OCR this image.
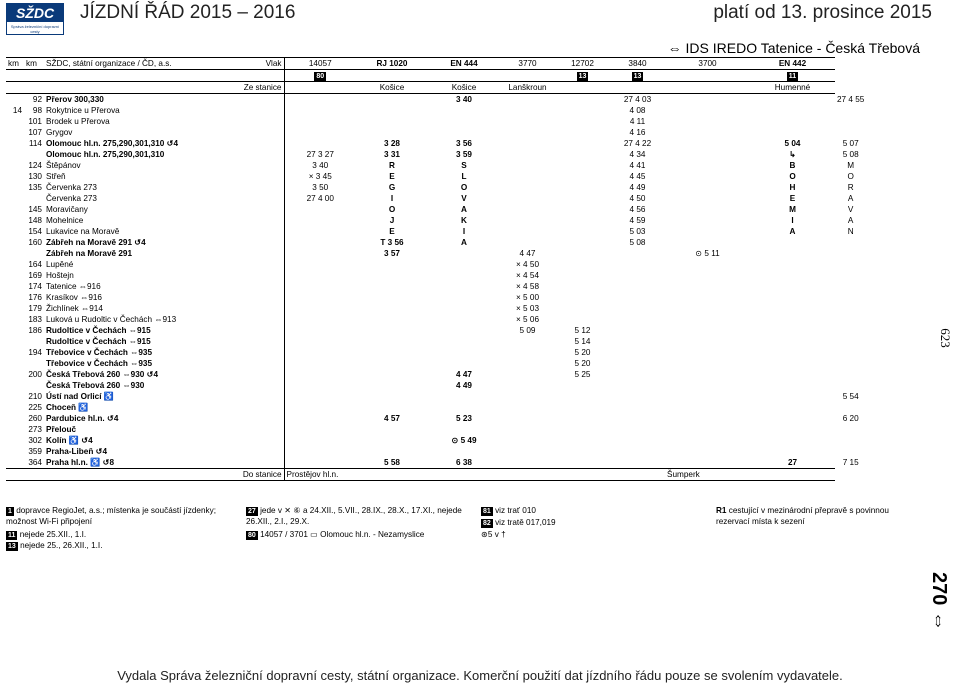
SŽDC
Správa železniční dopravní cesty
JÍZDNÍ ŘÁD 2015 – 2016	platí od 13. prosince 2015
⇔ IDS IREDO Tatenice - Česká Třebová
km	km	SŽDC, státní organizace / ČD, a.s.	Vlak	14057	RJ 1020	EN 444	3770	12702	3840	3700	EN 442	
				80				13	13		11	
		Ze stanice			Košice	Košice	Lanškroun				Humenné	
	92	Přerov 300,330				3 40			27 4 03			27 4 55
14	98	Rokytnice u Přerova							4 08			
	101	Brodek u Přerova							4 11			
	107	Grygov							4 16			
	114	Olomouc hl.n. 275,290,301,310 ↺4			3 28	3 56			27 4 22		5 04	5 07
		Olomouc hl.n. 275,290,301,310		27 3 27	3 31	3 59			4 34		↳	5 08
	124	Štěpánov		3 40	R	S			4 41		B	M
	130	Střeň		× 3 45	E	L			4 45		O	O
	135	Červenka 273		3 50	G	O			4 49		H	R
		Červenka 273		27 4 00	I	V			4 50		E	A
	145	Moravičany			O	A			4 56		M	V
	148	Mohelnice			J	K			4 59		I	A
	154	Lukavice na Moravě			E	I			5 03		A	N
	160	Zábřeh na Moravě 291 ↺4			T 3 56	A			5 08			
		Zábřeh na Moravě 291			3 57		4 47			⊙ 5 11		
	164	Lupěné					× 4 50					
	169	Hoštejn					× 4 54					
	174	Tatenice ⇔916					× 4 58					
	176	Krasíkov ⇔916					× 5 00					
	179	Žichlínek ⇔914					× 5 03					
	183	Luková u Rudoltic v Čechách ⇔913					× 5 06					
	186	Rudoltice v Čechách ⇔915					5 09	5 12				
		Rudoltice v Čechách ⇔915						5 14				
	194	Třebovice v Čechách ⇔935						5 20				
		Třebovice v Čechách ⇔935						5 20				
	200	Česká Třebová 260 ⇔930 ↺4				4 47		5 25				
		Česká Třebová 260 ⇔930				4 49						
	210	Ústí nad Orlicí ♿										5 54
	225	Choceň ♿										
	260	Pardubice hl.n. ↺4			4 57	5 23						6 20
	273	Přelouč										
	302	Kolín ♿ ↺4				⊙ 5 49						
	359	Praha-Libeň ↺4										
	364	Praha hl.n. ♿ ↺8			5 58	6 38					27	7 15
		Do stanice		Prostějov hl.n.						Šumperk		
1 dopravce RegioJet, a.s.; místenka je součástí jízdenky; možnost Wi-Fi připojení
11 nejede 25.XII., 1.I.
13 nejede 25., 26.XII., 1.I.
27 jede v ✕ ⑥ a 24.XII., 5.VII., 28.IX., 28.X., 17.XI., nejede 26.XII., 2.I., 29.X.
80 14057 / 3701 ▭ Olomouc hl.n. - Nezamyslice
81 viz trať 010
82 viz tratě 017,019
⊛5 v †
R1 cestující v mezinárodní přepravě s povinnou rezervací místa k sezení
623
270 ⇔
Vydala Správa železniční dopravní cesty, státní organizace. Komerční použití dat jízdního řádu pouze se svolením vydavatele.
